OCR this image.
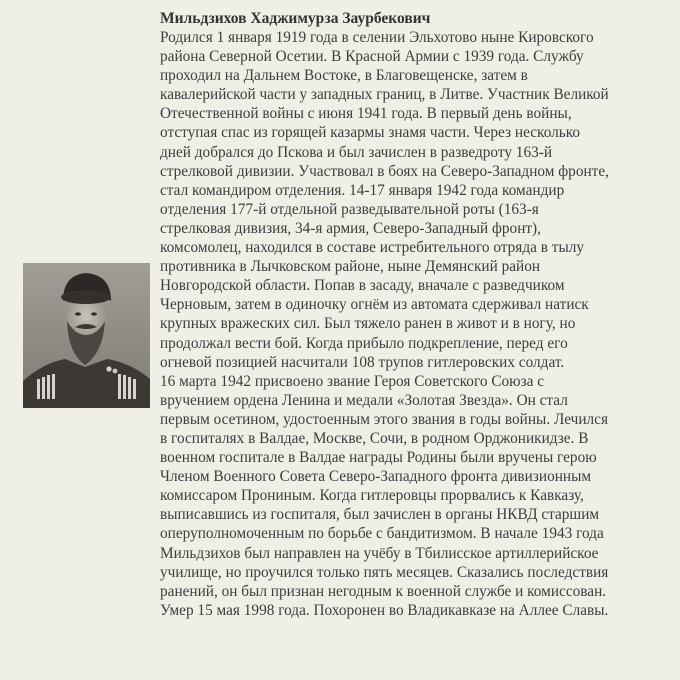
Мильдзихов Хаджимурза Заурбекович
Родился 1 января 1919 года в селении Эльхотово ныне Кировского
района Северной Осетии. В Красной Армии с 1939 года. Службу
проходил на Дальнем Востоке, в Благовещенске, затем в
кавалерийской части у западных границ, в Литве. Участник Великой
Отечественной войны с июня 1941 года. В первый день войны,
отступая спас из горящей казармы знамя части. Через несколько
дней добрался до Пскова и был зачислен в разведроту 163-й
стрелковой дивизии. Участвовал в боях на Северо-Западном фронте,
стал командиром отделения. 14-17 января 1942 года командир
отделения 177-й отдельной разведывательной роты (163-я
стрелковая дивизия, 34-я армия, Северо-Западный фронт),
комсомолец, находился в составе истребительного отряда в тылу
противника в Лычковском районе, ныне Демянский район
Новгородской области. Попав в засаду, вначале с разведчиком
Черновым, затем в одиночку огнём из автомата сдерживал натиск
крупных вражеских сил. Был тяжело ранен в живот и в ногу, но
продолжал вести бой. Когда прибыло подкрепление, перед его
огневой позицией насчитали 108 трупов гитлеровских солдат.
16 марта 1942 присвоено звание Героя Советского Союза с
вручением ордена Ленина и медали «Золотая Звезда». Он стал
первым осетином, удостоенным этого звания в годы войны. Лечился
в госпиталях в Валдае, Москве, Сочи, в родном Орджоникидзе. В
военном госпитале в Валдае награды Родины были вручены герою
Членом Военного Совета Северо-Западного фронта дивизионным
комиссаром Прониным. Когда гитлеровцы прорвались к Кавказу,
выписавшись из госпиталя, был зачислен в органы НКВД старшим
оперуполномоченным по борьбе с бандитизмом. В начале 1943 года
Мильдзихов был направлен на учёбу в Тбилисское артиллерийское
училище, но проучился только пять месяцев. Сказались последствия
ранений, он был признан негодным к военной службе и комиссован.
Умер 15 мая 1998 года. Похоронен во Владикавказе на Аллее Славы.
